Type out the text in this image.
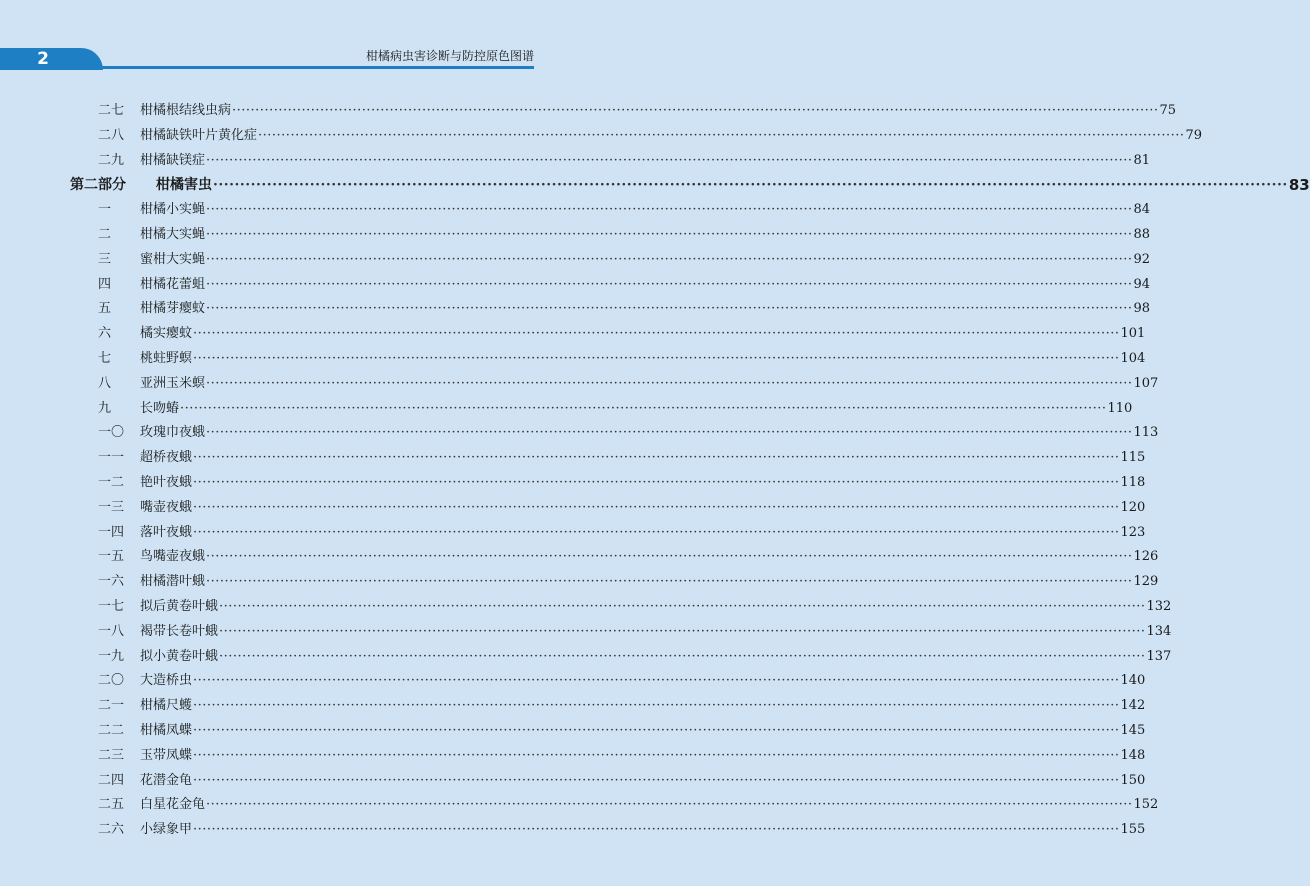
2	柑橘病虫害诊断与防控原色图谱
二七	柑橘根结线虫病 ········································································································································································································ 75
二八	柑橘缺铁叶片黄化症 ········································································································································································································ 79
二九	柑橘缺镁症 ········································································································································································································ 81
第二部分	柑橘害虫 ········································································································································································································ 83
一	柑橘小实蝇 ········································································································································································································ 84
二	柑橘大实蝇 ········································································································································································································ 88
三	蜜柑大实蝇 ········································································································································································································ 92
四	柑橘花蕾蛆 ········································································································································································································ 94
五	柑橘芽瘿蚊 ········································································································································································································ 98
六	橘实瘿蚊 ········································································································································································································ 101
七	桃蛀野螟 ········································································································································································································ 104
八	亚洲玉米螟 ········································································································································································································ 107
九	长吻蝽 ········································································································································································································ 110
一〇	玫瑰巾夜蛾 ········································································································································································································ 113
一一	超桥夜蛾 ········································································································································································································ 115
一二	艳叶夜蛾 ········································································································································································································ 118
一三	嘴壶夜蛾 ········································································································································································································ 120
一四	落叶夜蛾 ········································································································································································································ 123
一五	鸟嘴壶夜蛾 ········································································································································································································ 126
一六	柑橘潜叶蛾 ········································································································································································································ 129
一七	拟后黄卷叶蛾 ········································································································································································································ 132
一八	褐带长卷叶蛾 ········································································································································································································ 134
一九	拟小黄卷叶蛾 ········································································································································································································ 137
二〇	大造桥虫 ········································································································································································································ 140
二一	柑橘尺蠖 ········································································································································································································ 142
二二	柑橘凤蝶 ········································································································································································································ 145
二三	玉带凤蝶 ········································································································································································································ 148
二四	花潜金龟 ········································································································································································································ 150
二五	白星花金龟 ········································································································································································································ 152
二六	小绿象甲 ········································································································································································································ 155
